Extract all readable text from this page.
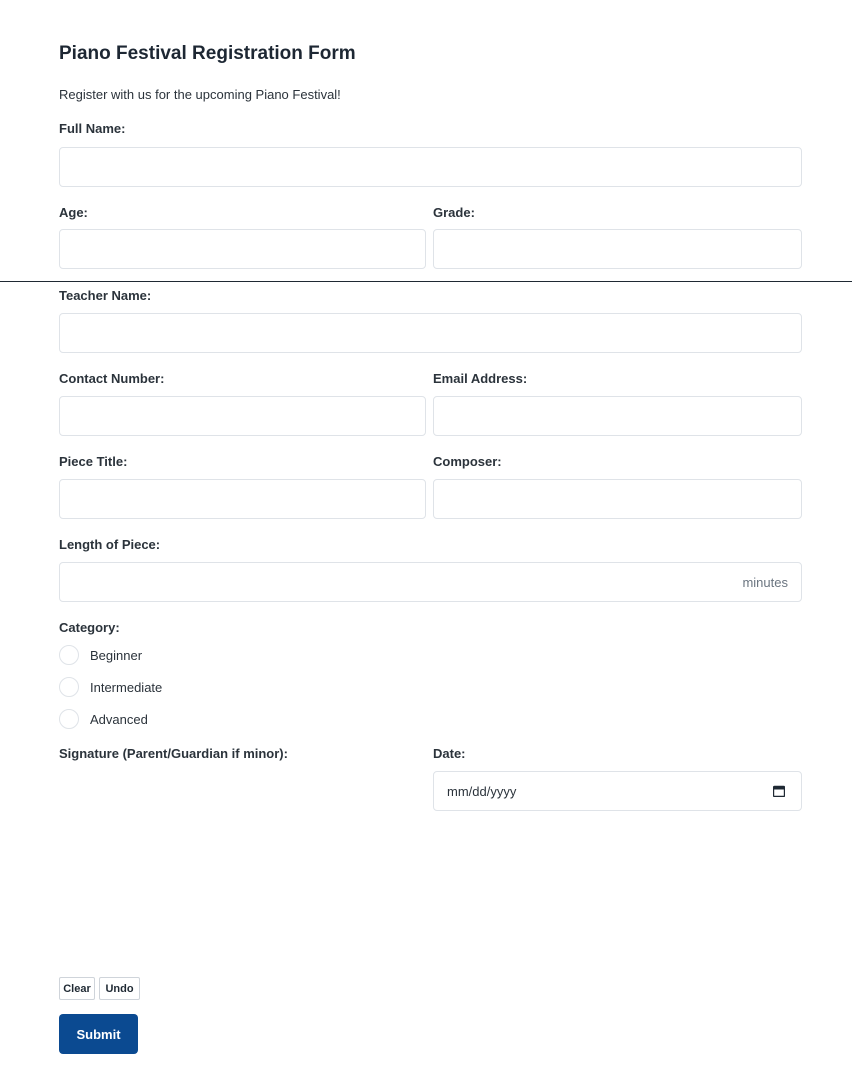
Piano Festival Registration Form

Register with us for the upcoming Piano Festival!

Full Name:
Age:	Grade:
Teacher Name:
Contact Number:	Email Address:
Piece Title:	Composer:
Length of Piece:
minutes
Category:
Beginner
Intermediate
Advanced
Signature (Parent/Guardian if minor):	Date:
mm/dd/yyyy
Clear	Undo
Submit
